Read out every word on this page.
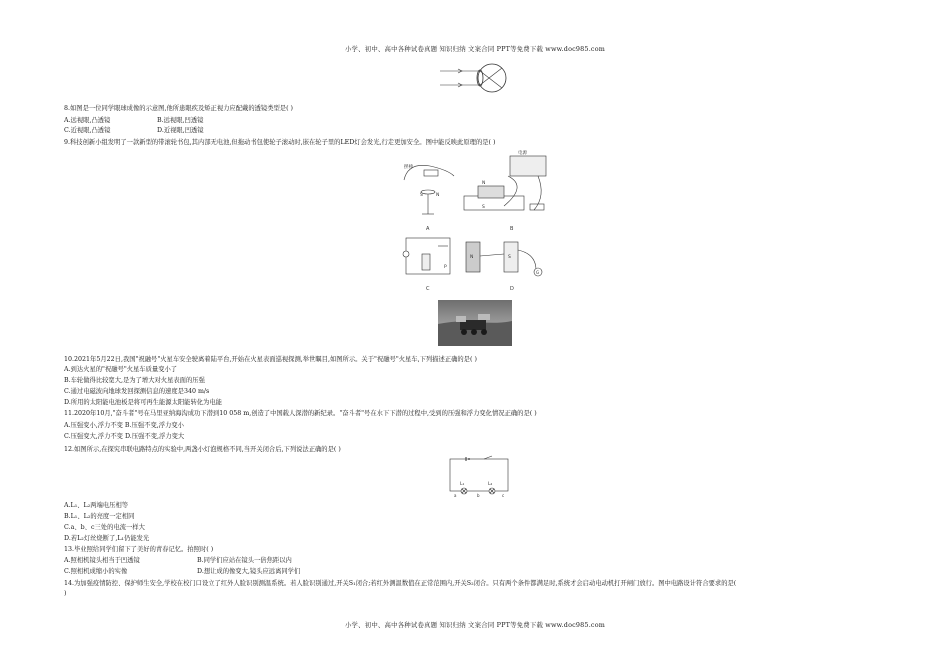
小学、初中、高中各种试卷真题 知识归纳 文案合同 PPT等免费下载 www.doc985.com
8.如图是一位同学眼球成像的示意图,他所患眼疾及矫正视力应配戴的透镜类型是( )
A.远视眼,凸透镜	B.远视眼,凹透镜
C.近视眼,凸透镜	D.近视眼,凹透镜
9.科技创新小组发明了一款新型的带滚轮书包,其内部无电池,但拖动书包使轮子滚动时,嵌在轮子里的LED灯会发光,行走更加安全。图中能反映此原理的是( )
摆棒
S	N
A
电源
N
S
B
P
C
N	S
G
D
10.2021年5月22日,我国"祝融号"火星车安全驶离着陆平台,开始在火星表面巡视探测,举世瞩目,如图所示。关于"祝融号"火星车,下列描述正确的是( )
A.到达火星的"祝融号"火星车质量变小了
B.车轮做得比较宽大,是为了增大对火星表面的压强
C.通过电磁波向地球发回探测信息的速度是340 m/s
D.所用的太阳能电池板是将可再生能源太阳能转化为电能
11.2020年10月,"奋斗者"号在马里亚纳海沟成功下潜到10 058 m,创造了中国载人深潜的新纪录。"奋斗者"号在水下下潜的过程中,受到的压强和浮力变化情况正确的是( )
A.压强变小,浮力不变 B.压强不变,浮力变小
C.压强变大,浮力不变 D.压强不变,浮力变大
12.如图所示,在探究串联电路特点的实验中,两盏小灯泡规格不同,当开关闭合后,下列说法正确的是( )
L₁	L₂
a	b	c
A.L₁、L₂两端电压相等
B.L₁、L₂的亮度一定相同
C.a、b、c三处的电流一样大
D.若L₂灯丝烧断了,L₁仍能发光
13.毕业照给同学们留下了美好的青春记忆。拍照时( )
A.照相机镜头相当于凹透镜	B.同学们应站在镜头一倍焦距以内
C.照相机成缩小的实像	D.想让成的像变大,镜头应远离同学们
14.为加强疫情防控、保护师生安全,学校在校门口设立了红外人脸识别测温系统。若人脸识别通过,开关S₁闭合;若红外测温数值在正常范围内,开关S₂闭合。只有两个条件都满足时,系统才会启动电动机打开闸门放行。图中电路设计符合要求的是(
)
小学、初中、高中各种试卷真题 知识归纳 文案合同 PPT等免费下载 www.doc985.com
